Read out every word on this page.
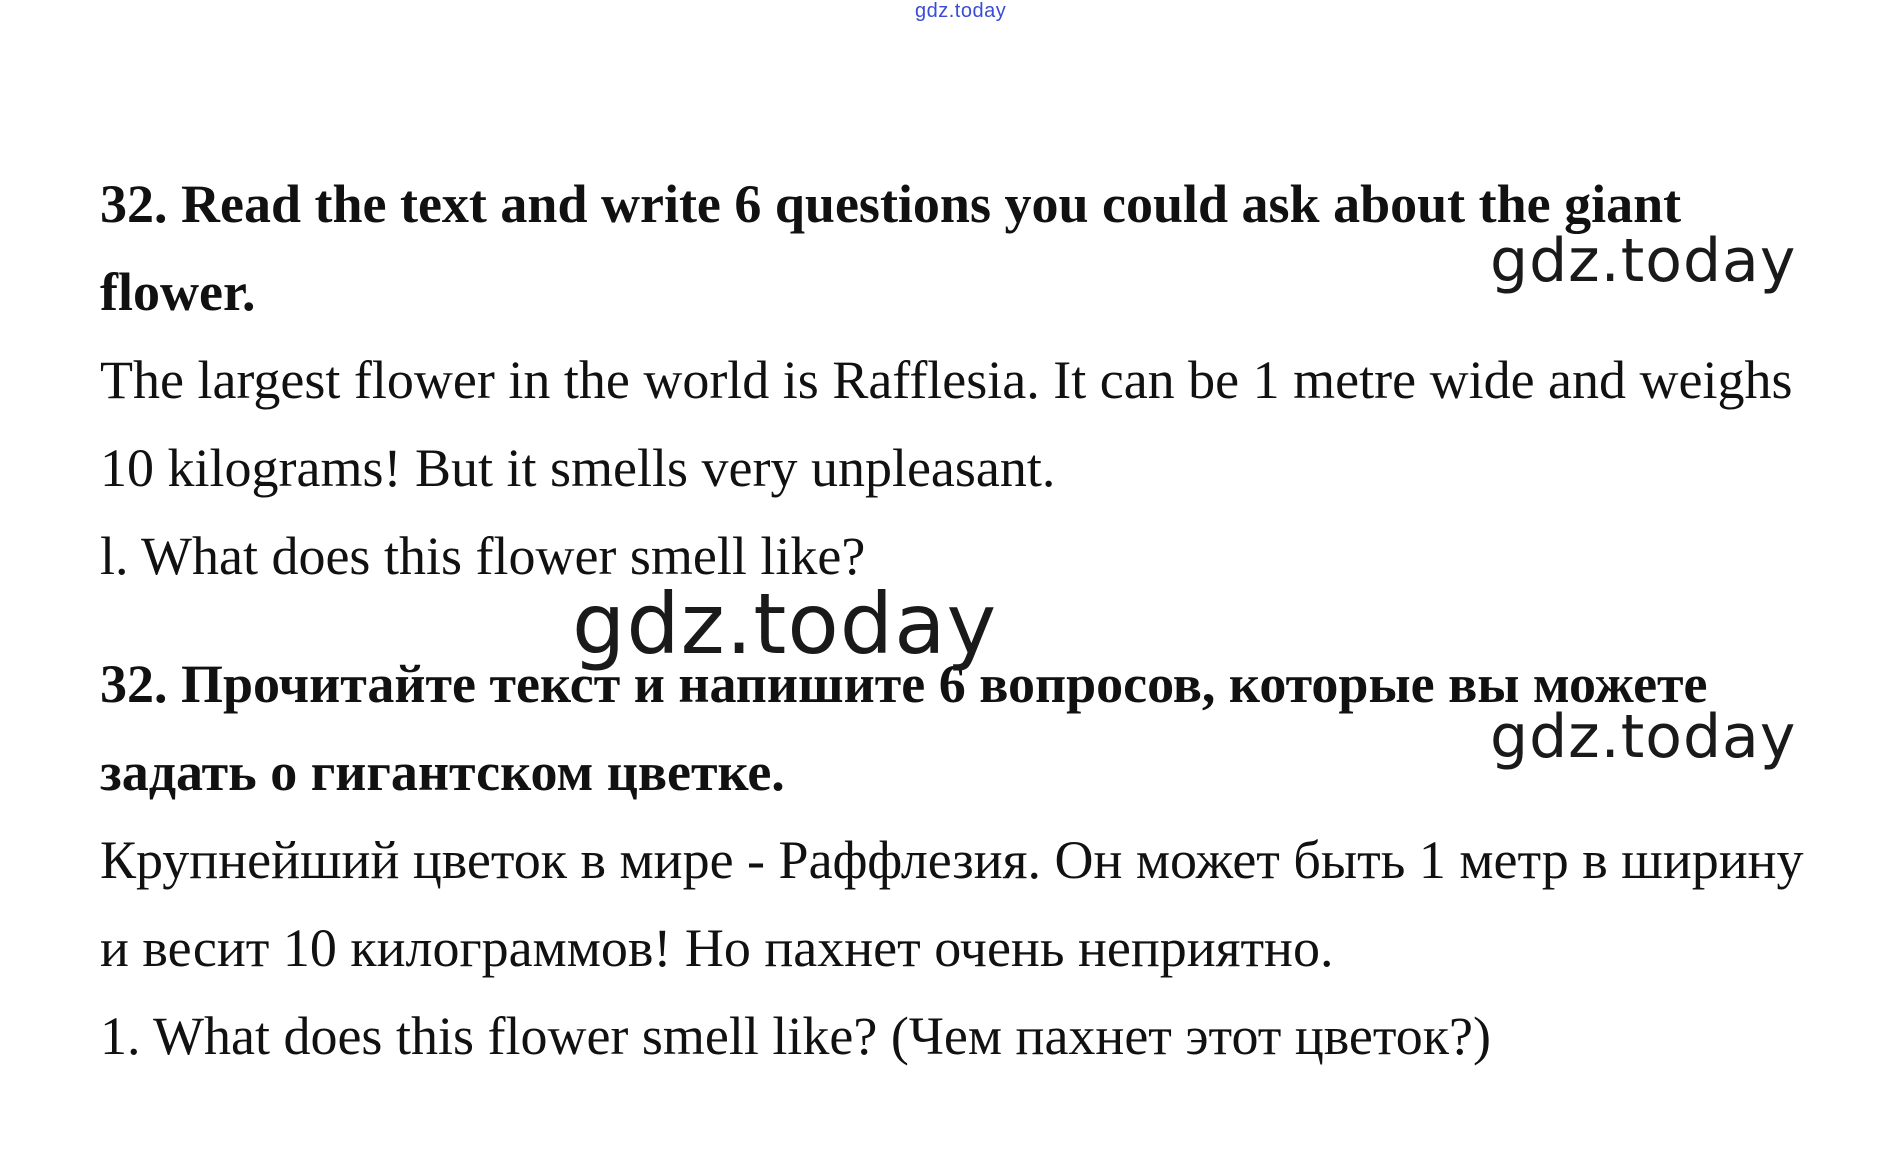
gdz.today

32. Read the text and write 6 questions you could ask about the giant flower.

The largest flower in the world is Rafflesia. It can be 1 metre wide and weighs 10 kilograms! But it smells very unpleasant.

l. What does this flower smell like?

32. Прочитайте текст и напишите 6 вопросов, которые вы можете задать о гигантском цветке.

Крупнейший цветок в мире - Раффлезия. Он может быть 1 метр в ширину и весит 10 килограммов! Но пахнет очень неприятно.

1. What does this flower smell like? (Чем пахнет этот цветок?)

gdz.today
gdz.today
gdz.today
